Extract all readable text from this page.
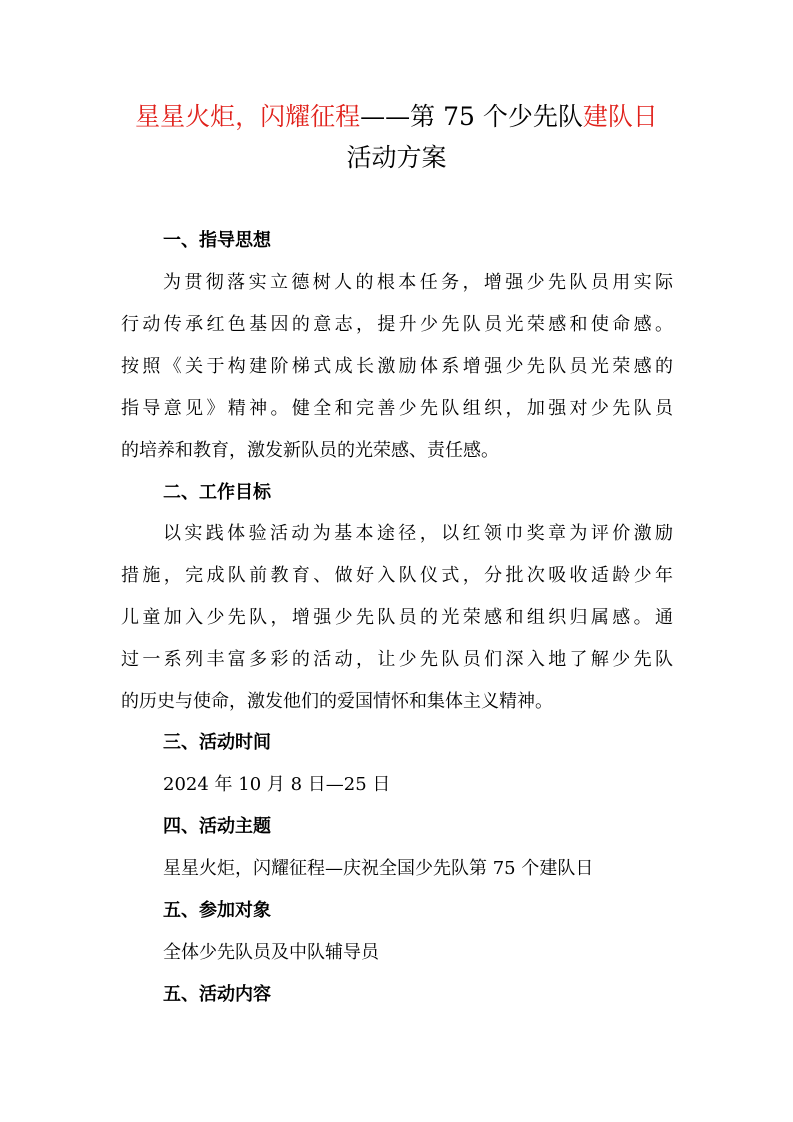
星星火炬，闪耀征程——第 75 个少先队建队日
活动方案
一、指导思想
为贯彻落实立德树人的根本任务，增强少先队员用实际
行动传承红色基因的意志，提升少先队员光荣感和使命感。
按照《关于构建阶梯式成长激励体系增强少先队员光荣感的
指导意见》精神。健全和完善少先队组织，加强对少先队员
的培养和教育，激发新队员的光荣感、责任感。
二、工作目标
以实践体验活动为基本途径，以红领巾奖章为评价激励
措施，完成队前教育、做好入队仪式，分批次吸收适龄少年
儿童加入少先队，增强少先队员的光荣感和组织归属感。通
过一系列丰富多彩的活动，让少先队员们深入地了解少先队
的历史与使命，激发他们的爱国情怀和集体主义精神。
三、活动时间
2024 年 10 月 8 日—25 日
四、活动主题
星星火炬，闪耀征程—庆祝全国少先队第 75 个建队日
五、参加对象
全体少先队员及中队辅导员
五、活动内容
